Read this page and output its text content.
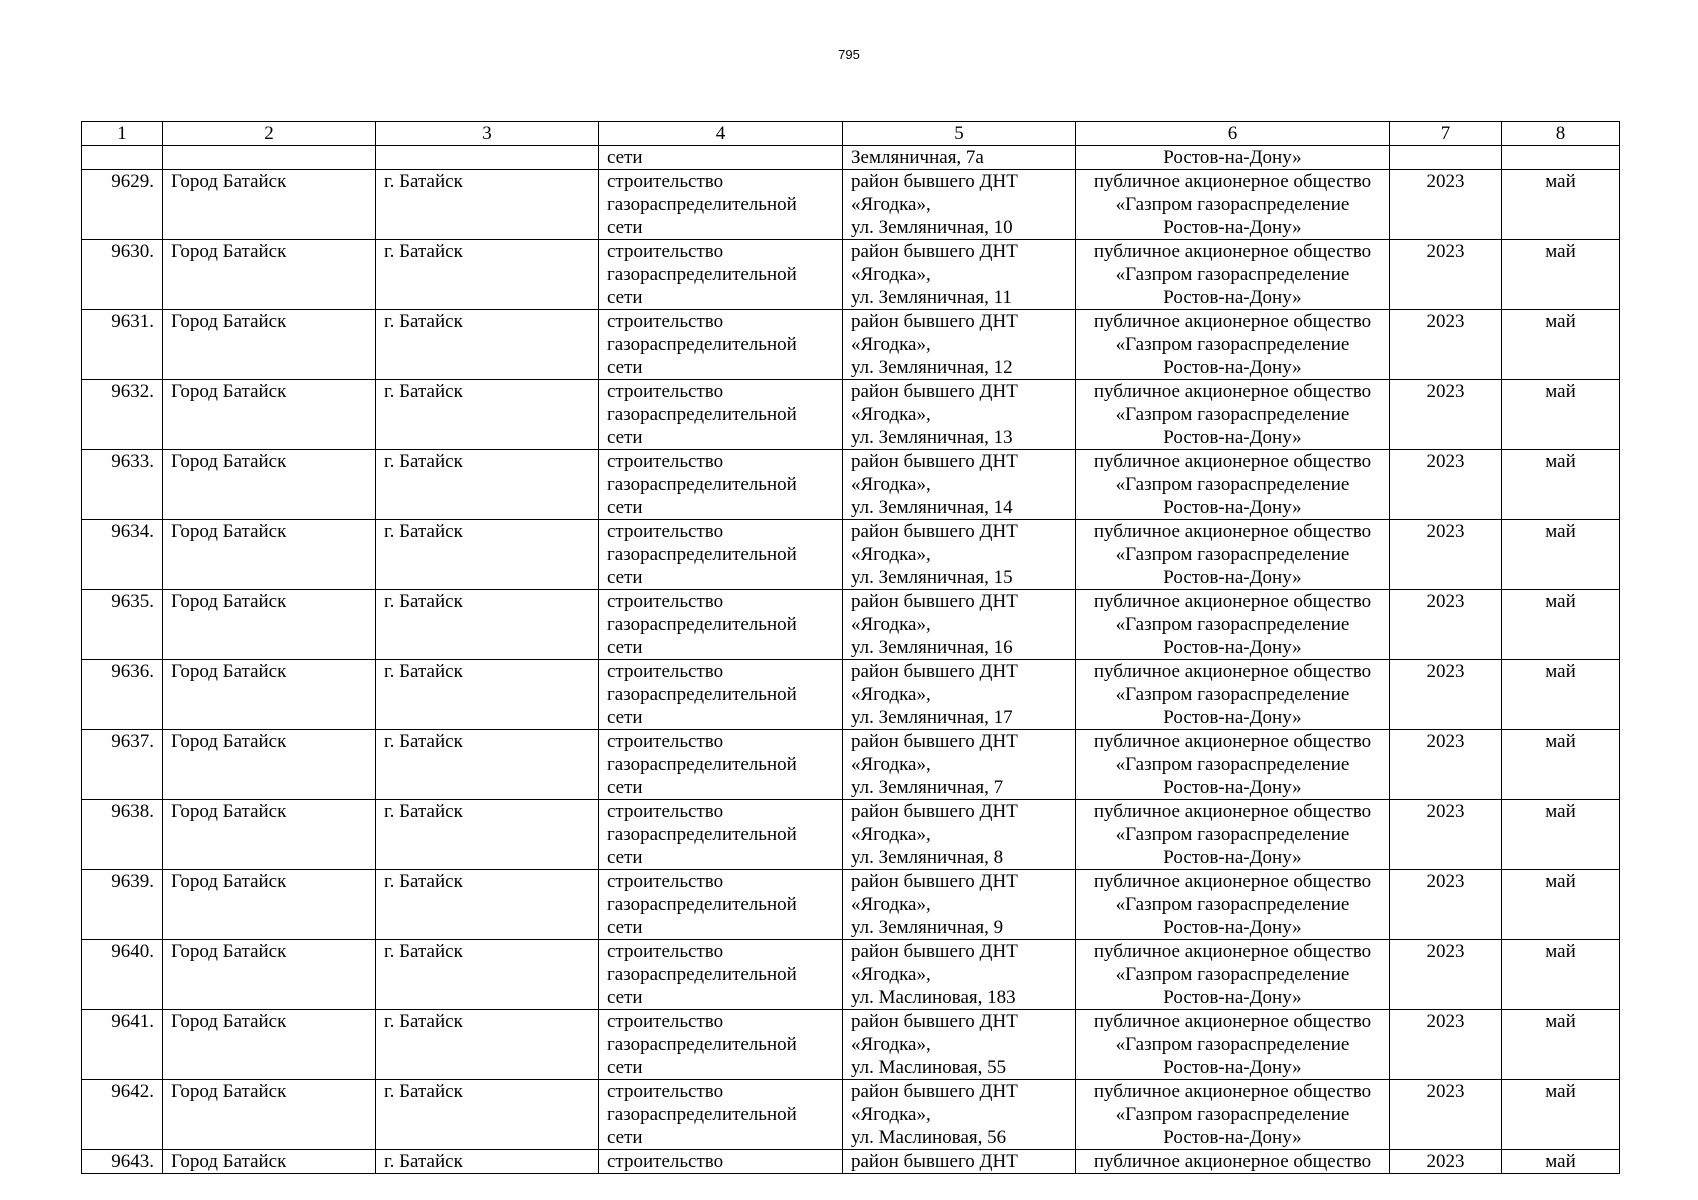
795
1	2	3	4	5	6	7	8
			сети	Земляничная, 7а	Ростов-на-Дону»		
9629.	Город Батайск	г. Батайск	строительство
газораспределительной
сети	район бывшего ДНТ
«Ягодка»,
ул. Земляничная, 10	публичное акционерное общество
«Газпром газораспределение
Ростов-на-Дону»	2023	май
9630.	Город Батайск	г. Батайск	строительство
газораспределительной
сети	район бывшего ДНТ
«Ягодка»,
ул. Земляничная, 11	публичное акционерное общество
«Газпром газораспределение
Ростов-на-Дону»	2023	май
9631.	Город Батайск	г. Батайск	строительство
газораспределительной
сети	район бывшего ДНТ
«Ягодка»,
ул. Земляничная, 12	публичное акционерное общество
«Газпром газораспределение
Ростов-на-Дону»	2023	май
9632.	Город Батайск	г. Батайск	строительство
газораспределительной
сети	район бывшего ДНТ
«Ягодка»,
ул. Земляничная, 13	публичное акционерное общество
«Газпром газораспределение
Ростов-на-Дону»	2023	май
9633.	Город Батайск	г. Батайск	строительство
газораспределительной
сети	район бывшего ДНТ
«Ягодка»,
ул. Земляничная, 14	публичное акционерное общество
«Газпром газораспределение
Ростов-на-Дону»	2023	май
9634.	Город Батайск	г. Батайск	строительство
газораспределительной
сети	район бывшего ДНТ
«Ягодка»,
ул. Земляничная, 15	публичное акционерное общество
«Газпром газораспределение
Ростов-на-Дону»	2023	май
9635.	Город Батайск	г. Батайск	строительство
газораспределительной
сети	район бывшего ДНТ
«Ягодка»,
ул. Земляничная, 16	публичное акционерное общество
«Газпром газораспределение
Ростов-на-Дону»	2023	май
9636.	Город Батайск	г. Батайск	строительство
газораспределительной
сети	район бывшего ДНТ
«Ягодка»,
ул. Земляничная, 17	публичное акционерное общество
«Газпром газораспределение
Ростов-на-Дону»	2023	май
9637.	Город Батайск	г. Батайск	строительство
газораспределительной
сети	район бывшего ДНТ
«Ягодка»,
ул. Земляничная, 7	публичное акционерное общество
«Газпром газораспределение
Ростов-на-Дону»	2023	май
9638.	Город Батайск	г. Батайск	строительство
газораспределительной
сети	район бывшего ДНТ
«Ягодка»,
ул. Земляничная, 8	публичное акционерное общество
«Газпром газораспределение
Ростов-на-Дону»	2023	май
9639.	Город Батайск	г. Батайск	строительство
газораспределительной
сети	район бывшего ДНТ
«Ягодка»,
ул. Земляничная, 9	публичное акционерное общество
«Газпром газораспределение
Ростов-на-Дону»	2023	май
9640.	Город Батайск	г. Батайск	строительство
газораспределительной
сети	район бывшего ДНТ
«Ягодка»,
ул. Маслиновая, 183	публичное акционерное общество
«Газпром газораспределение
Ростов-на-Дону»	2023	май
9641.	Город Батайск	г. Батайск	строительство
газораспределительной
сети	район бывшего ДНТ
«Ягодка»,
ул. Маслиновая, 55	публичное акционерное общество
«Газпром газораспределение
Ростов-на-Дону»	2023	май
9642.	Город Батайск	г. Батайск	строительство
газораспределительной
сети	район бывшего ДНТ
«Ягодка»,
ул. Маслиновая, 56	публичное акционерное общество
«Газпром газораспределение
Ростов-на-Дону»	2023	май
9643.	Город Батайск	г. Батайск	строительство	район бывшего ДНТ	публичное акционерное общество	2023	май
